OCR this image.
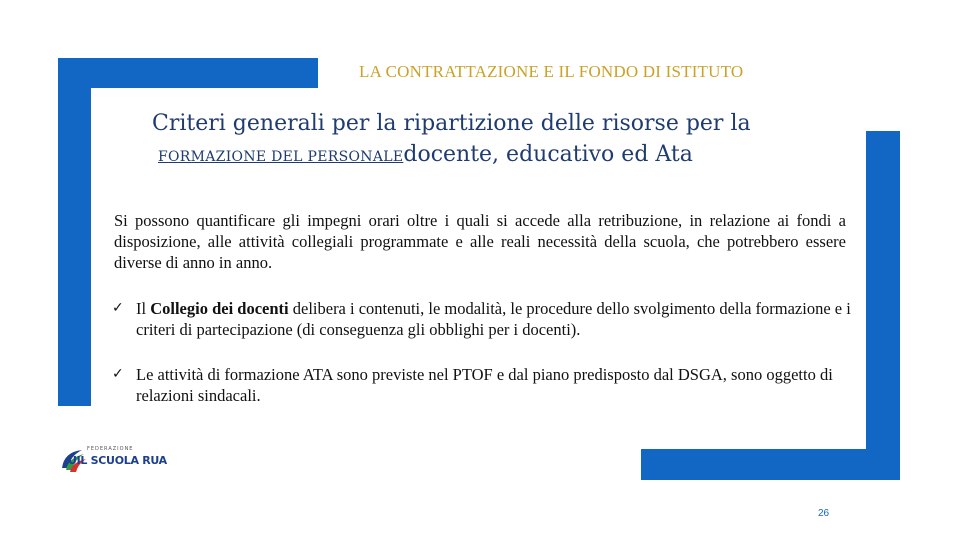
LA CONTRATTAZIONE E IL FONDO DI ISTITUTO
Criteri generali per la ripartizione delle risorse per la
FORMAZIONE DEL PERSONALEdocente, educativo ed Ata
Si possono quantificare gli impegni orari oltre i quali si accede alla retribuzione, in relazione ai fondi a disposizione, alle attività collegiali programmate e alle reali necessità della scuola, che potrebbero essere diverse di anno in anno.
✓ Il Collegio dei docenti delibera i contenuti, le modalità, le procedure dello svolgimento della formazione e i criteri di partecipazione (di conseguenza gli obblighi per i docenti).
✓ Le attività di formazione ATA sono previste nel PTOF e dal piano predisposto dal DSGA, sono oggetto di relazioni sindacali.
FEDERAZIONE
UIL SCUOLA RUA
26
